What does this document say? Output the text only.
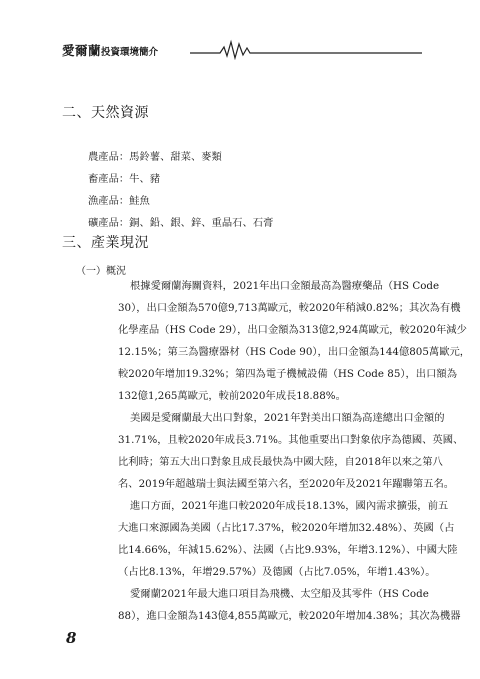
愛爾蘭投資環境簡介
二、天然資源
農產品：馬鈴薯、甜菜、麥類
畜產品：牛、豬
漁產品：鮭魚
礦產品：銅、鉛、銀、鋅、重晶石、石膏
三、產業現況
（一）概況
根據愛爾蘭海關資料，2021年出口金額最高為醫療藥品（HS Code
30），出口金額為570億9,713萬歐元，較2020年稍減0.82%；其次為有機
化學產品（HS Code 29），出口金額為313億2,924萬歐元，較2020年減少
12.15%；第三為醫療器材（HS Code 90），出口金額為144億805萬歐元，
較2020年增加19.32%；第四為電子機械設備（HS Code 85），出口額為
132億1,265萬歐元，較前2020年成長18.88%。
美國是愛爾蘭最大出口對象，2021年對美出口額為高達總出口金額的
31.71%，且較2020年成長3.71%。其他重要出口對象依序為德國、英國、
比利時；第五大出口對象且成長最快為中國大陸，自2018年以來之第八
名、2019年超越瑞士與法國至第六名，至2020年及2021年躍聯第五名。
進口方面，2021年進口較2020年成長18.13%，國內需求擴張，前五
大進口來源國為美國（占比17.37%，較2020年增加32.48%）、英國（占
比14.66%，年減15.62%）、法國（占比9.93%，年增3.12%）、中國大陸
（占比8.13%，年增29.57%）及德國（占比7.05%，年增1.43%）。
愛爾蘭2021年最大進口項目為飛機、太空船及其零件（HS Code
88），進口金額為143億4,855萬歐元，較2020年增加4.38%；其次為機器
8
